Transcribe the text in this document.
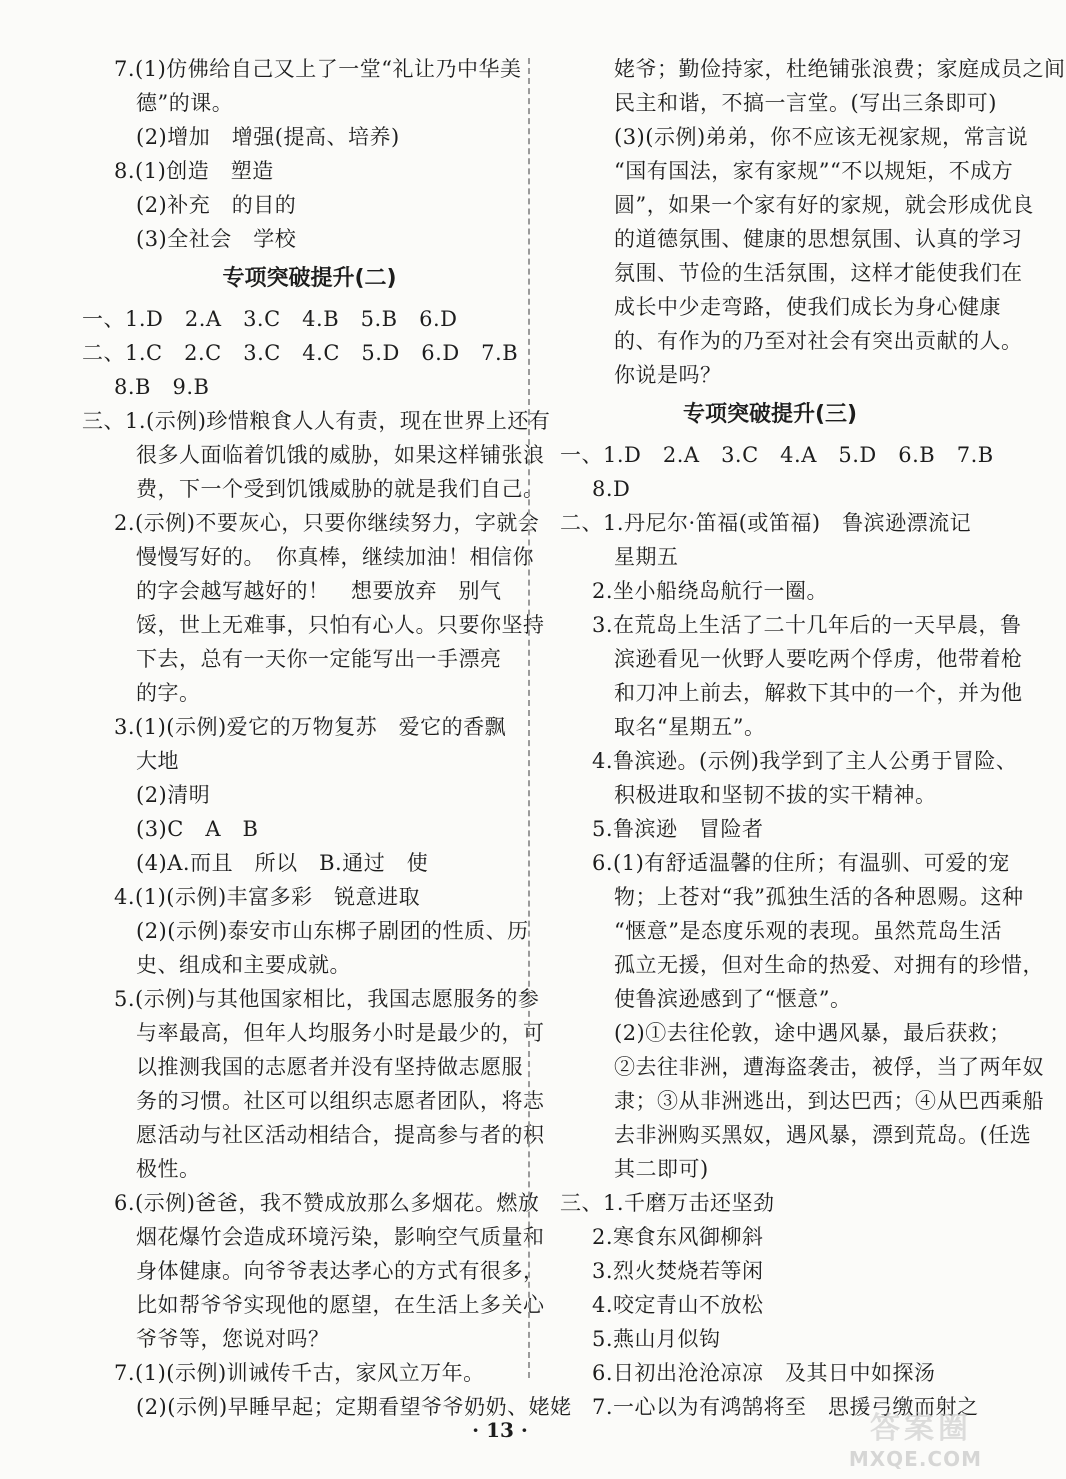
7.(1)仿佛给自己又上了一堂“礼让乃中华美
德”的课。
(2)增加　增强(提高、培养)
8.(1)创造　塑造
(2)补充　的目的
(3)全社会　学校
专项突破提升(二)
一、1.D　2.A　3.C　4.B　5.B　6.D
二、1.C　2.C　3.C　4.C　5.D　6.D　7.B
8.B　9.B
三、1.(示例)珍惜粮食人人有责，现在世界上还有
很多人面临着饥饿的威胁，如果这样铺张浪
费，下一个受到饥饿威胁的就是我们自己。
2.(示例)不要灰心，只要你继续努力，字就会
慢慢写好的。　你真棒，继续加油！相信你
的字会越写越好的！　想要放弃　别气
馁，世上无难事，只怕有心人。只要你坚持
下去，总有一天你一定能写出一手漂亮
的字。
3.(1)(示例)爱它的万物复苏　爱它的香飘
大地
(2)清明
(3)C　A　B
(4)A.而且　所以　B.通过　使
4.(1)(示例)丰富多彩　锐意进取
(2)(示例)泰安市山东梆子剧团的性质、历
史、组成和主要成就。
5.(示例)与其他国家相比，我国志愿服务的参
与率最高，但年人均服务小时是最少的，可
以推测我国的志愿者并没有坚持做志愿服
务的习惯。社区可以组织志愿者团队，将志
愿活动与社区活动相结合，提高参与者的积
极性。
6.(示例)爸爸，我不赞成放那么多烟花。燃放
烟花爆竹会造成环境污染，影响空气质量和
身体健康。向爷爷表达孝心的方式有很多，
比如帮爷爷实现他的愿望，在生活上多关心
爷爷等，您说对吗？
7.(1)(示例)训诫传千古，家风立万年。
(2)(示例)早睡早起；定期看望爷爷奶奶、姥姥
姥爷；勤俭持家，杜绝铺张浪费；家庭成员之间
民主和谐，不搞一言堂。(写出三条即可)
(3)(示例)弟弟，你不应该无视家规，常言说
“国有国法，家有家规”“不以规矩，不成方
圆”，如果一个家有好的家规，就会形成优良
的道德氛围、健康的思想氛围、认真的学习
氛围、节俭的生活氛围，这样才能使我们在
成长中少走弯路，使我们成长为身心健康
的、有作为的乃至对社会有突出贡献的人。
你说是吗？
专项突破提升(三)
一、1.D　2.A　3.C　4.A　5.D　6.B　7.B
8.D
二、1.丹尼尔·笛福(或笛福)　鲁滨逊漂流记
星期五
2.坐小船绕岛航行一圈。
3.在荒岛上生活了二十几年后的一天早晨，鲁
滨逊看见一伙野人要吃两个俘虏，他带着枪
和刀冲上前去，解救下其中的一个，并为他
取名“星期五”。
4.鲁滨逊。(示例)我学到了主人公勇于冒险、
积极进取和坚韧不拔的实干精神。
5.鲁滨逊　冒险者
6.(1)有舒适温馨的住所；有温驯、可爱的宠
物；上苍对“我”孤独生活的各种恩赐。这种
“惬意”是态度乐观的表现。虽然荒岛生活
孤立无援，但对生命的热爱、对拥有的珍惜，
使鲁滨逊感到了“惬意”。
(2)①去往伦敦，途中遇风暴，最后获救；
②去往非洲，遭海盗袭击，被俘，当了两年奴
隶；③从非洲逃出，到达巴西；④从巴西乘船
去非洲购买黑奴，遇风暴，漂到荒岛。(任选
其二即可)
三、1.千磨万击还坚劲
2.寒食东风御柳斜
3.烈火焚烧若等闲
4.咬定青山不放松
5.燕山月似钩
6.日初出沧沧凉凉　及其日中如探汤
7.一心以为有鸿鹄将至　思援弓缴而射之
· 13 ·	答案圈
MXQE.COM
